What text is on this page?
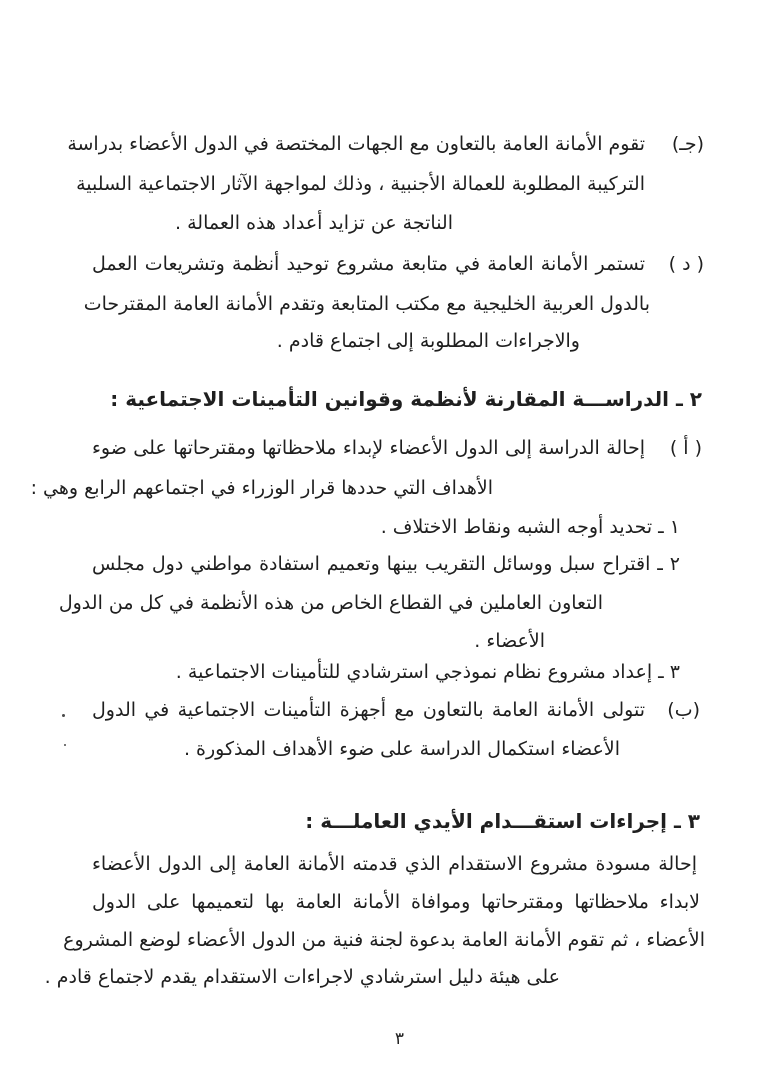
(جـ)
تقوم الأمانة العامة بالتعاون مع الجهات المختصة في الدول الأعضاء بدراسة
التركيبة المطلوبة للعمالة الأجنبية ، وذلك لمواجهة الآثار الاجتماعية السلبية
الناتجة عن تزايد أعداد هذه العمالة .
( د )
تستمر الأمانة العامة في متابعة مشروع توحيد أنظمة وتشريعات العمل
بالدول العربية الخليجية مع مكتب المتابعة وتقدم الأمانة العامة المقترحات
والاجراءات المطلوبة إلى اجتماع قادم .
٢ ـ الدراســـة المقارنة لأنظمة وقوانين التأمينات الاجتماعية :
( أ )
إحالة الدراسة إلى الدول الأعضاء لإبداء ملاحظاتها ومقترحاتها على ضوء
الأهداف التي حددها قرار الوزراء في اجتماعهم الرابع وهي :
١ ـ تحديد أوجه الشبه ونقاط الاختلاف .
٢ ـ اقتراح سبل ووسائل التقريب بينها وتعميم استفادة مواطني دول مجلس
التعاون العاملين في القطاع الخاص من هذه الأنظمة في كل من الدول
الأعضاء .
٣ ـ إعداد مشروع نظام نموذجي استرشادي للتأمينات الاجتماعية .
(ب)
تتولى الأمانة العامة بالتعاون مع أجهزة التأمينات الاجتماعية في الدول
الأعضاء استكمال الدراسة على ضوء الأهداف المذكورة .
٣ ـ إجراءات استقـــدام الأيدي العاملـــة :
إحالة مسودة مشروع الاستقدام الذي قدمته الأمانة العامة إلى الدول الأعضاء
لابداء ملاحظاتها ومقترحاتها وموافاة الأمانة العامة بها لتعميمها على الدول
الأعضاء ، ثم تقوم الأمانة العامة بدعوة لجنة فنية من الدول الأعضاء لوضع المشروع
على هيئة دليل استرشادي لاجراءات الاستقدام يقدم لاجتماع قادم .
٣
